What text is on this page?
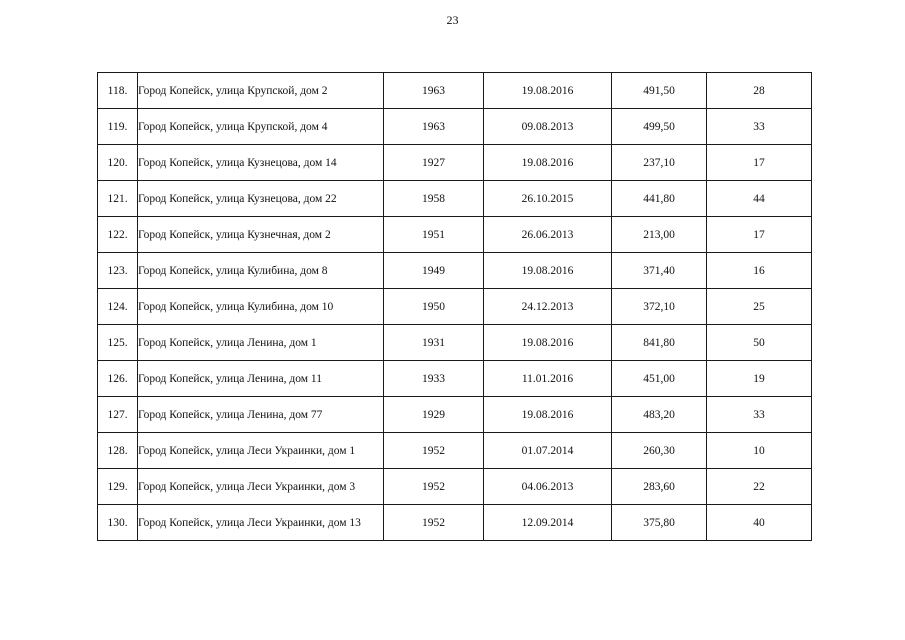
23
118.	Город Копейск, улица Крупской, дом 2	1963	19.08.2016	491,50	28
119.	Город Копейск, улица Крупской, дом 4	1963	09.08.2013	499,50	33
120.	Город Копейск, улица Кузнецова, дом 14	1927	19.08.2016	237,10	17
121.	Город Копейск, улица Кузнецова, дом 22	1958	26.10.2015	441,80	44
122.	Город Копейск, улица Кузнечная, дом 2	1951	26.06.2013	213,00	17
123.	Город Копейск, улица Кулибина, дом 8	1949	19.08.2016	371,40	16
124.	Город Копейск, улица Кулибина, дом 10	1950	24.12.2013	372,10	25
125.	Город Копейск, улица Ленина, дом 1	1931	19.08.2016	841,80	50
126.	Город Копейск, улица Ленина, дом 11	1933	11.01.2016	451,00	19
127.	Город Копейск, улица Ленина, дом 77	1929	19.08.2016	483,20	33
128.	Город Копейск, улица Леси Украинки, дом 1	1952	01.07.2014	260,30	10
129.	Город Копейск, улица Леси Украинки, дом 3	1952	04.06.2013	283,60	22
130.	Город Копейск, улица Леси Украинки, дом 13	1952	12.09.2014	375,80	40
